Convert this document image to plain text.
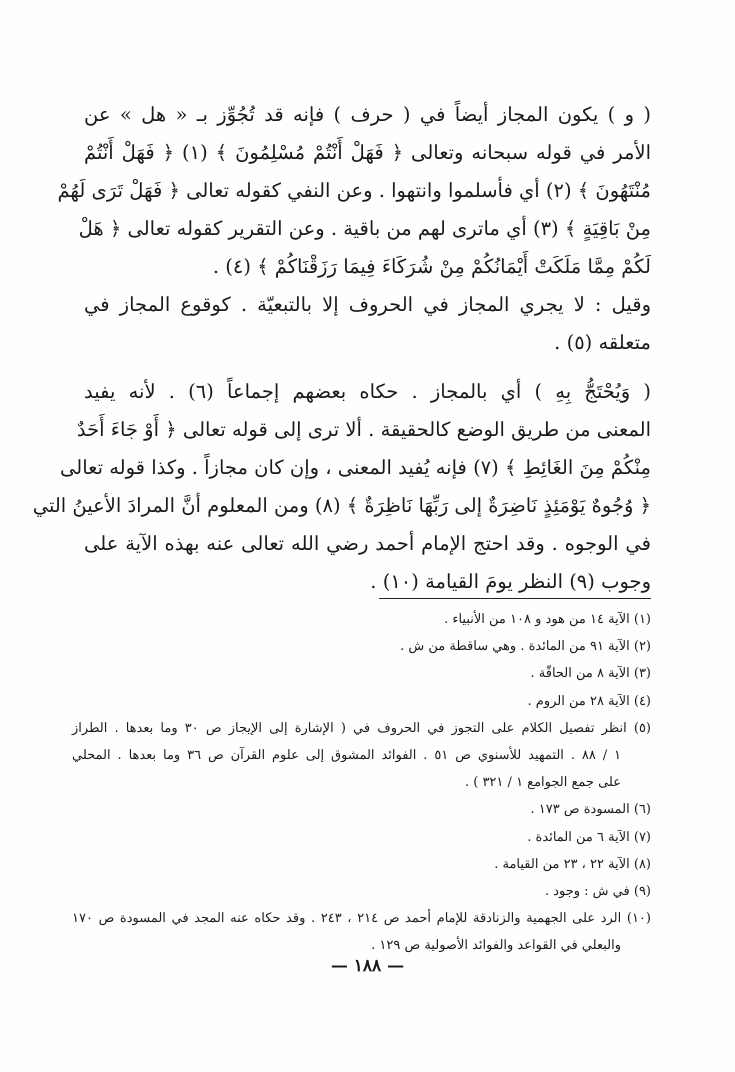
( و ) يكون المجاز أيضاً في ( حرف ) فإنه قد تُجُوِّز بـ « هل » عن
الأمر في قوله سبحانه وتعالى ﴿ فَهَلْ أَنْتُمْ مُسْلِمُونَ ﴾ (١) ﴿ فَهَلْ أَنْتُمْ
مُنْتَهُونَ ﴾ (٢) أي فأسلموا وانتهوا . وعن النفي كقوله تعالى ﴿ فَهَلْ تَرَى لَهُمْ
مِنْ بَاقِيَةٍ ﴾ (٣) أي ماترى لهم من باقية . وعن التقرير كقوله تعالى ﴿ هَلْ
لَكُمْ مِمَّا مَلَكَتْ أَيْمَانُكُمْ مِنْ شُرَكَاءَ فِيمَا رَزَقْنَاكُمْ ﴾ (٤) .
وقيل : لا يجري المجاز في الحروف إلا بالتبعيّة . كوقوع المجاز في
متعلقه (٥) .
( وَيُحْتَجُّ بِهِ ) أي بالمجاز . حكاه بعضهم إجماعاً (٦) . لأنه يفيد
المعنى من طريق الوضع كالحقيقة . ألا ترى إلى قوله تعالى ﴿ أَوْ جَاءَ أَحَدٌ
مِنْكُمْ مِنَ الغَائِطِ ﴾ (٧) فإنه يُفيد المعنى ، وإن كان مجازاً . وكذا قوله تعالى
﴿ وُجُوهٌ يَوْمَئِذٍ نَاضِرَةٌ إلى رَبِّهَا نَاظِرَةٌ ﴾ (٨) ومن المعلوم أنَّ المرادَ الأعينُ التي
في الوجوه . وقد احتج الإمام أحمد رضي الله تعالى عنه بهذه الآية على
وجوب (٩) النظر يومَ القيامة (١٠) .
(١) الآية ١٤ من هود و ١٠٨ من الأنبياء .
(٢) الآية ٩١ من المائدة . وهي ساقطة من ش .
(٣) الآية ٨ من الحاقّة .
(٤) الآية ٢٨ من الروم .
(٥) انظر تفصيل الكلام على التجوز في الحروف في ( الإشارة إلى الإيجاز ص ٣٠ وما بعدها . الطراز
١ / ٨٨ . التمهيد للأسنوي ص ٥١ . الفوائد المشوق إلى علوم القرآن ص ٣٦ وما بعدها . المحلي
على جمع الجوامع ١ / ٣٢١ ) .
(٦) المسودة ص ١٧٣ .
(٧) الآية ٦ من المائدة .
(٨) الآية ٢٢ ، ٢٣ من القيامة .
(٩) في ش : وجود .
(١٠) الرد على الجهمية والزنادقة للإمام أحمد ص ٢١٤ ، ٢٤٣ . وقد حكاه عنه المجد في المسودة ص ١٧٠
والبعلي في القواعد والفوائد الأصولية ص ١٢٩ .
— ١٨٨ —
